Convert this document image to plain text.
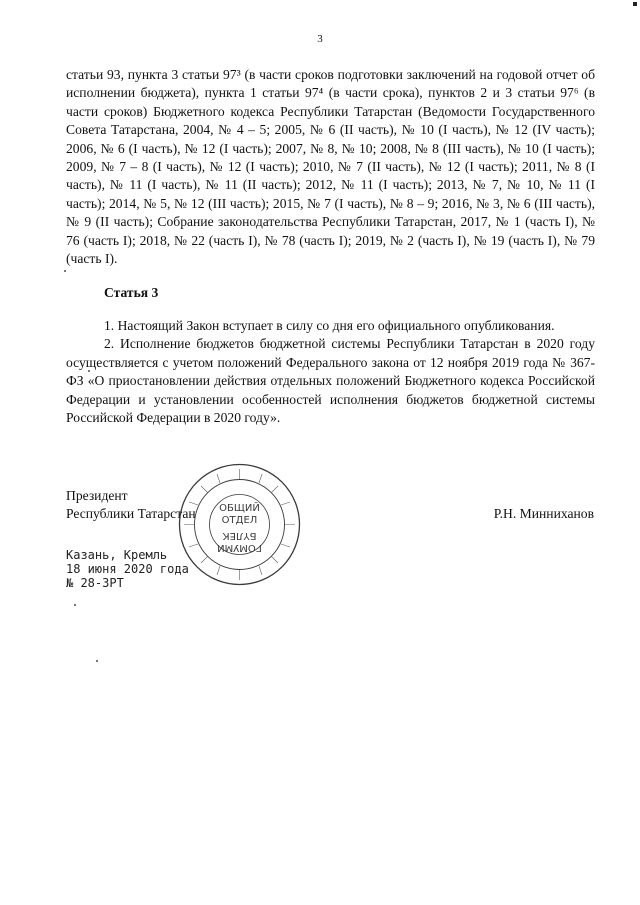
3

статьи 93, пункта 3 статьи 97³ (в части сроков подготовки заключений на годовой отчет об исполнении бюджета), пункта 1 статьи 97⁴ (в части срока), пунктов 2 и 3 статьи 97⁶ (в части сроков) Бюджетного кодекса Республики Татарстан (Ведомости Государственного Совета Татарстана, 2004, № 4 – 5; 2005, № 6 (II часть), № 10 (I часть), № 12 (IV часть); 2006, № 6 (I часть), № 12 (I часть); 2007, № 8, № 10; 2008, № 8 (III часть), № 10 (I часть); 2009, № 7 – 8 (I часть), № 12 (I часть); 2010, № 7 (II часть), № 12 (I часть); 2011, № 8 (I часть), № 11 (I часть), № 11 (II часть); 2012, № 11 (I часть); 2013, № 7, № 10, № 11 (I часть); 2014, № 5, № 12 (III часть); 2015, № 7 (I часть), № 8 – 9; 2016, № 3, № 6 (III часть), № 9 (II часть); Собрание законодательства Республики Татарстан, 2017, № 1 (часть I), № 76 (часть I); 2018, № 22 (часть I), № 78 (часть I); 2019, № 2 (часть I), № 19 (часть I), № 79 (часть I).

Статья 3

1. Настоящий Закон вступает в силу со дня его официального опубликования.

2. Исполнение бюджетов бюджетной системы Республики Татарстан в 2020 году осуществляется с учетом положений Федерального закона от 12 ноября 2019 года № 367-ФЗ «О приостановлении действия отдельных положений Бюджетного кодекса Российской Федерации и установлении особенностей исполнения бюджетов бюджетной системы Российской Федерации в 2020 году».

Президент
Республики Татарстан	Р.Н. Минниханов
ОБЩИЙ
ОТДЕЛ
БҮЛЕК
ГОМУМИ
Казань, Кремль
18 июня 2020 года
№ 28-ЗРТ
